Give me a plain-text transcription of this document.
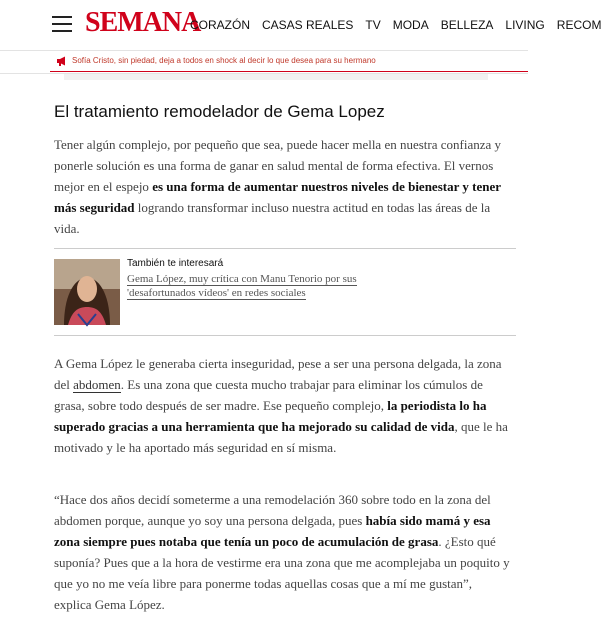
SEMANA
CORAZÓN CASAS REALES TV MODA BELLEZA LIVING RECOM
Sofía Cristo, sin piedad, deja a todos en shock al decir lo que desea para su hermano
El tratamiento remodelador de Gema Lopez

Tener algún complejo, por pequeño que sea, puede hacer mella en nuestra confianza y ponerle solución es una forma de ganar en salud mental de forma efectiva. El vernos mejor en el espejo es una forma de aumentar nuestros niveles de bienestar y tener más seguridad logrando transformar incluso nuestra actitud en todas las áreas de la vida.

También te interesará
Gema López, muy crítica con Manu Tenorio por sus 'desafortunados vídeos' en redes sociales

A Gema López le generaba cierta inseguridad, pese a ser una persona delgada, la zona del abdomen. Es una zona que cuesta mucho trabajar para eliminar los cúmulos de grasa, sobre todo después de ser madre. Ese pequeño complejo, la periodista lo ha superado gracias a una herramienta que ha mejorado su calidad de vida, que le ha motivado y le ha aportado más seguridad en sí misma.

“Hace dos años decidí someterme a una remodelación 360 sobre todo en la zona del abdomen porque, aunque yo soy una persona delgada, pues había sido mamá y esa zona siempre pues notaba que tenía un poco de acumulación de grasa. ¿Esto qué suponía? Pues que a la hora de vestirme era una zona que me acomplejaba un poquito y que yo no me veía libre para ponerme todas aquellas cosas que a mí me gustan”, explica Gema López.
